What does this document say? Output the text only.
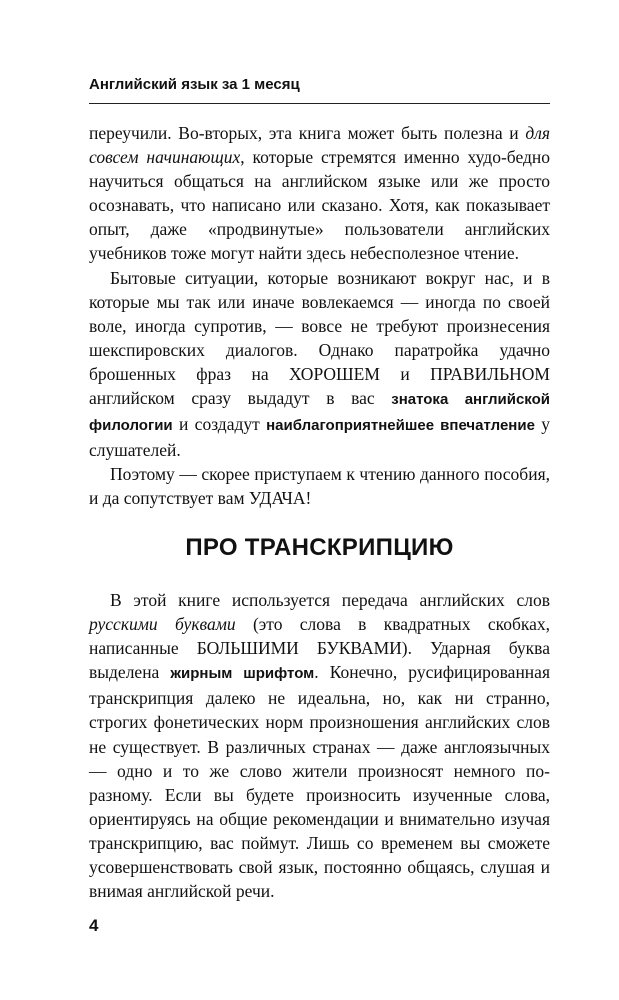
Английский язык за 1 месяц

переучили. Во-вторых, эта книга может быть полезна и для совсем начинающих, которые стремятся именно худо-бедно научиться общаться на английском языке или же просто осознавать, что написано или сказано. Хотя, как показывает опыт, даже «продвинутые» пользователи английских учебников тоже могут найти здесь небесполезное чтение.

Бытовые ситуации, которые возникают вокруг нас, и в которые мы так или иначе вовлекаемся — иногда по своей воле, иногда супротив, — вовсе не требуют произнесения шекспировских диалогов. Однако паратройка удачно брошенных фраз на ХОРОШЕМ и ПРАВИЛЬНОМ английском сразу выдадут в вас знатока английской филологии и создадут наиблагоприятнейшее впечатление у слушателей.

Поэтому — скорее приступаем к чтению данного пособия, и да сопутствует вам УДАЧА!

ПРО ТРАНСКРИПЦИЮ

В этой книге используется передача английских слов русскими буквами (это слова в квадратных скобках, написанные БОЛЬШИМИ БУКВАМИ). Ударная буква выделена жирным шрифтом. Конечно, русифицированная транскрипция далеко не идеальна, но, как ни странно, строгих фонетических норм произношения английских слов не существует. В различных странах — даже англоязычных — одно и то же слово жители произносят немного по-разному. Если вы будете произносить изученные слова, ориентируясь на общие рекомендации и внимательно изучая транскрипцию, вас поймут. Лишь со временем вы сможете усовершенствовать свой язык, постоянно общаясь, слушая и внимая английской речи.

4
